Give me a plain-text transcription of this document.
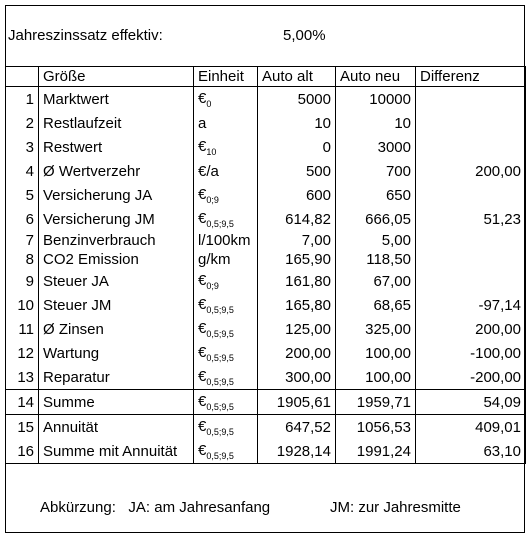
Jahreszinssatz effektiv:	5,00%
	Größe	Einheit	Auto alt	Auto neu	Differenz
1	Marktwert	$€_0$	5000	10000	
2	Restlaufzeit	a	10	10	
3	Restwert	$€_{10}$	0	3000	
4	Ø Wertverzehr	€/a	500	700	200,00
5	Versicherung JA	$€_{0;9}$	600	650	
6	Versicherung JM	$€_{0,5;9,5}$	614,82	666,05	51,23
7	Benzinverbrauch	l/100km	7,00	5,00	
8	CO2 Emission	g/km	165,90	118,50	
9	Steuer JA	$€_{0;9}$	161,80	67,00	
10	Steuer JM	$€_{0,5;9,5}$	165,80	68,65	-97,14
11	Ø Zinsen	$€_{0,5;9,5}$	125,00	325,00	200,00
12	Wartung	$€_{0,5;9,5}$	200,00	100,00	-100,00
13	Reparatur	$€_{0,5;9,5}$	300,00	100,00	-200,00
14	Summe	$€_{0,5;9,5}$	1905,61	1959,71	54,09
15	Annuität	$€_{0,5;9,5}$	647,52	1056,53	409,01
16	Summe mit Annuität	$€_{0,5;9,5}$	1928,14	1991,24	63,10
Abkürzung: JA: am Jahresanfang	JM: zur Jahresmitte
